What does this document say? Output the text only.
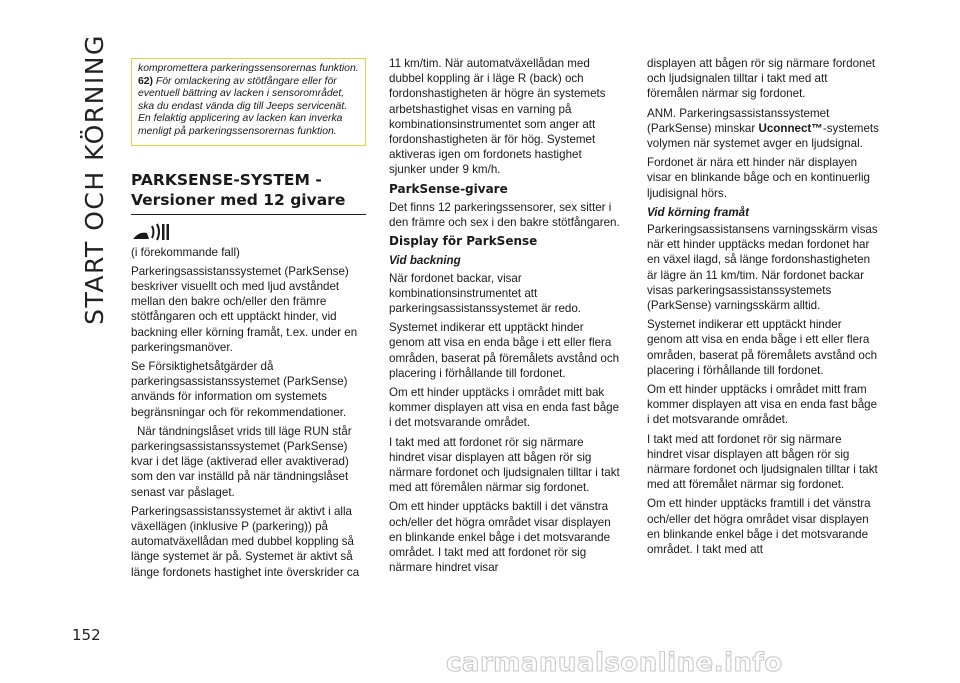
START OCH KÖRNING	komprometterа parkeringssensorernas funktion.
62) För omlackering av stötfångare eller för eventuell bättring av lacken i sensorområdet, ska du endast vända dig till Jeeps servicenät. En felaktig applicering av lacken kan inverka menligt på parkeringssensorernas funktion.
PARKSENSE-SYSTEM - Versioner med 12 givare

(i förekommande fall)

Parkeringsassistanssystemet (ParkSense) beskriver visuellt och med ljud avståndet mellan den bakre och/eller den främre stötfångaren och ett upptäckt hinder, vid backning eller körning framåt, t.ex. under en parkeringsmanöver.

Se Försiktighetsåtgärder då parkeringsassistanssystemet (ParkSense) används för information om systemets begränsningar och för rekommendationer.

När tändningslåset vrids till läge RUN står parkeringsassistanssystemet (ParkSense) kvar i det läge (aktiverad eller avaktiverad) som den var inställd på när tändningslåset senast var påslaget.

Parkeringsassistanssystemet är aktivt i alla växellägen (inklusive P (parkering)) på automatväxellådan med dubbel koppling så länge systemet är på. Systemet är aktivt så länge fordonets hastighet inte överskrider ca

11 km/tim. När automatväxellådan med dubbel koppling är i läge R (back) och fordonshastigheten är högre än systemets arbetshastighet visas en varning på kombinationsinstrumentet som anger att fordonshastigheten är för hög. Systemet aktiveras igen om fordonets hastighet sjunker under 9 km/h.

ParkSense-givare

Det finns 12 parkeringssensorer, sex sitter i den främre och sex i den bakre stötfångaren.

Display för ParkSense
Vid backning

När fordonet backar, visar kombinationsinstrumentet att parkeringsassistanssystemet är redo.

Systemet indikerar ett upptäckt hinder genom att visa en enda båge i ett eller flera områden, baserat på föremålets avstånd och placering i förhållande till fordonet.

Om ett hinder upptäcks i området mitt bak kommer displayen att visa en enda fast båge i det motsvarande området.

I takt med att fordonet rör sig närmare hindret visar displayen att bågen rör sig närmare fordonet och ljudsignalen tilltar i takt med att föremålen närmar sig fordonet.

Om ett hinder upptäcks baktill i det vänstra och/eller det högra området visar displayen en blinkande enkel båge i det motsvarande området. I takt med att fordonet rör sig närmare hindret visar

displayen att bågen rör sig närmare fordonet och ljudsignalen tilltar i takt med att föremålen närmar sig fordonet.

ANM. Parkeringsassistanssystemet (ParkSense) minskar Uconnect™-systemets volymen när systemet avger en ljudsignal.

Fordonet är nära ett hinder när displayen visar en blinkande båge och en kontinuerlig ljudisignal hörs.

Vid körning framåt

Parkeringsassistansens varningsskärm visas när ett hinder upptäcks medan fordonet har en växel ilagd, så länge fordonshastigheten är lägre än 11 km/tim. När fordonet backar visas parkeringsassistanssystemets (ParkSense) varningsskärm alltid.

Systemet indikerar ett upptäckt hinder genom att visa en enda båge i ett eller flera områden, baserat på föremålets avstånd och placering i förhållande till fordonet.

Om ett hinder upptäcks i området mitt fram kommer displayen att visa en enda fast båge i det motsvarande området.

I takt med att fordonet rör sig närmare hindret visar displayen att bågen rör sig närmare fordonet och ljudsignalen tilltar i takt med att föremålet närmar sig fordonet.

Om ett hinder upptäcks framtill i det vänstra och/eller det högra området visar displayen en blinkande enkel båge i det motsvarande området. I takt med att

152
carmanualsonline.info
